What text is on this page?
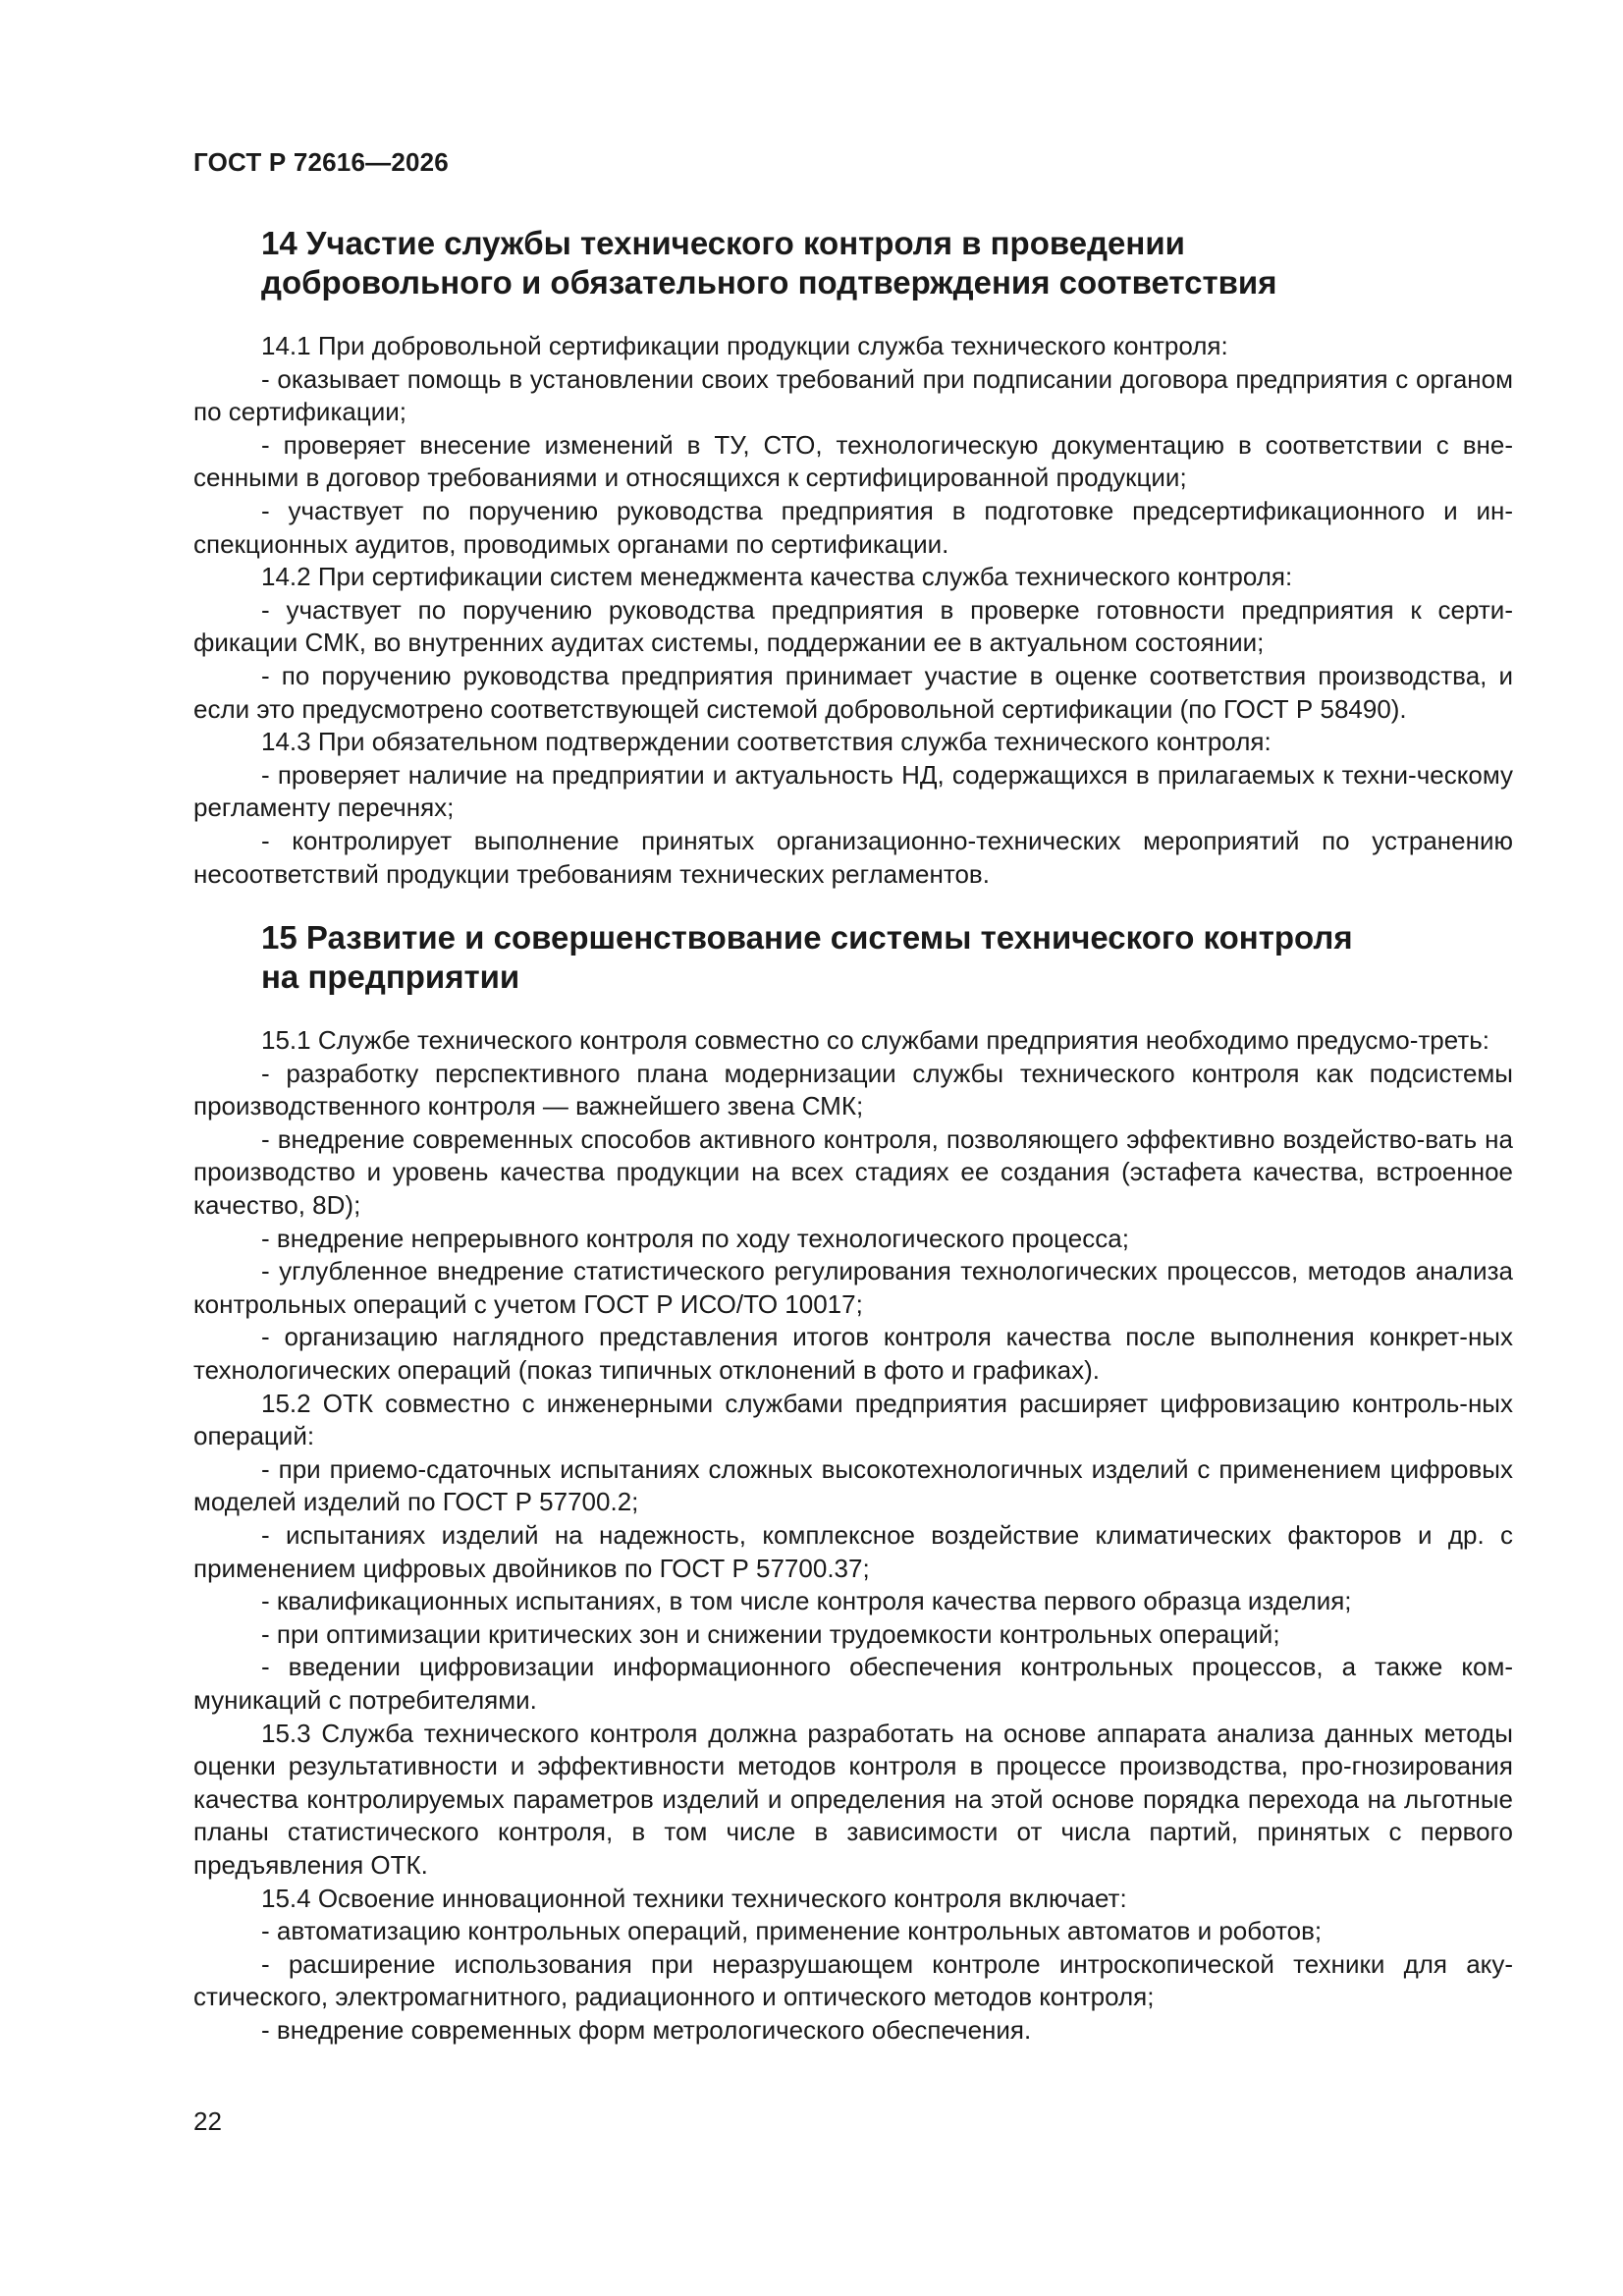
ГОСТ Р 72616—2026
14 Участие службы технического контроля в проведении
добровольного и обязательного подтверждения соответствия

14.1 При добровольной сертификации продукции служба технического контроля:

- оказывает помощь в установлении своих требований при подписании договора предприятия с органом по сертификации;

- проверяет внесение изменений в ТУ, СТО, технологическую документацию в соответствии с вне-сенными в договор требованиями и относящихся к сертифицированной продукции;

- участвует по поручению руководства предприятия в подготовке предсертификационного и ин-спекционных аудитов, проводимых органами по сертификации.

14.2 При сертификации систем менеджмента качества служба технического контроля:

- участвует по поручению руководства предприятия в проверке готовности предприятия к серти-фикации СМК, во внутренних аудитах системы, поддержании ее в актуальном состоянии;

- по поручению руководства предприятия принимает участие в оценке соответствия производства, и если это предусмотрено соответствующей системой добровольной сертификации (по ГОСТ Р 58490).

14.3 При обязательном подтверждении соответствия служба технического контроля:

- проверяет наличие на предприятии и актуальность НД, содержащихся в прилагаемых к техни-ческому регламенту перечнях;

- контролирует выполнение принятых организационно-технических мероприятий по устранению несоответствий продукции требованиям технических регламентов.

15 Развитие и совершенствование системы технического контроля
на предприятии

15.1 Службе технического контроля совместно со службами предприятия необходимо предусмо-треть:

- разработку перспективного плана модернизации службы технического контроля как подсистемы производственного контроля — важнейшего звена СМК;

- внедрение современных способов активного контроля, позволяющего эффективно воздейство-вать на производство и уровень качества продукции на всех стадиях ее создания (эстафета качества, встроенное качество, 8D);

- внедрение непрерывного контроля по ходу технологического процесса;

- углубленное внедрение статистического регулирования технологических процессов, методов анализа контрольных операций с учетом ГОСТ Р ИСО/ТО 10017;

- организацию наглядного представления итогов контроля качества после выполнения конкрет-ных технологических операций (показ типичных отклонений в фото и графиках).

15.2 ОТК совместно с инженерными службами предприятия расширяет цифровизацию контроль-ных операций:

- при приемо-сдаточных испытаниях сложных высокотехнологичных изделий с применением цифровых моделей изделий по ГОСТ Р 57700.2;

- испытаниях изделий на надежность, комплексное воздействие климатических факторов и др. с применением цифровых двойников по ГОСТ Р 57700.37;

- квалификационных испытаниях, в том числе контроля качества первого образца изделия;

- при оптимизации критических зон и снижении трудоемкости контрольных операций;

- введении цифровизации информационного обеспечения контрольных процессов, а также ком-муникаций с потребителями.

15.3 Служба технического контроля должна разработать на основе аппарата анализа данных методы оценки результативности и эффективности методов контроля в процессе производства, про-гнозирования качества контролируемых параметров изделий и определения на этой основе порядка перехода на льготные планы статистического контроля, в том числе в зависимости от числа партий, принятых с первого предъявления ОТК.

15.4 Освоение инновационной техники технического контроля включает:

- автоматизацию контрольных операций, применение контрольных автоматов и роботов;

- расширение использования при неразрушающем контроле интроскопической техники для аку-стического, электромагнитного, радиационного и оптического методов контроля;

- внедрение современных форм метрологического обеспечения.

22
